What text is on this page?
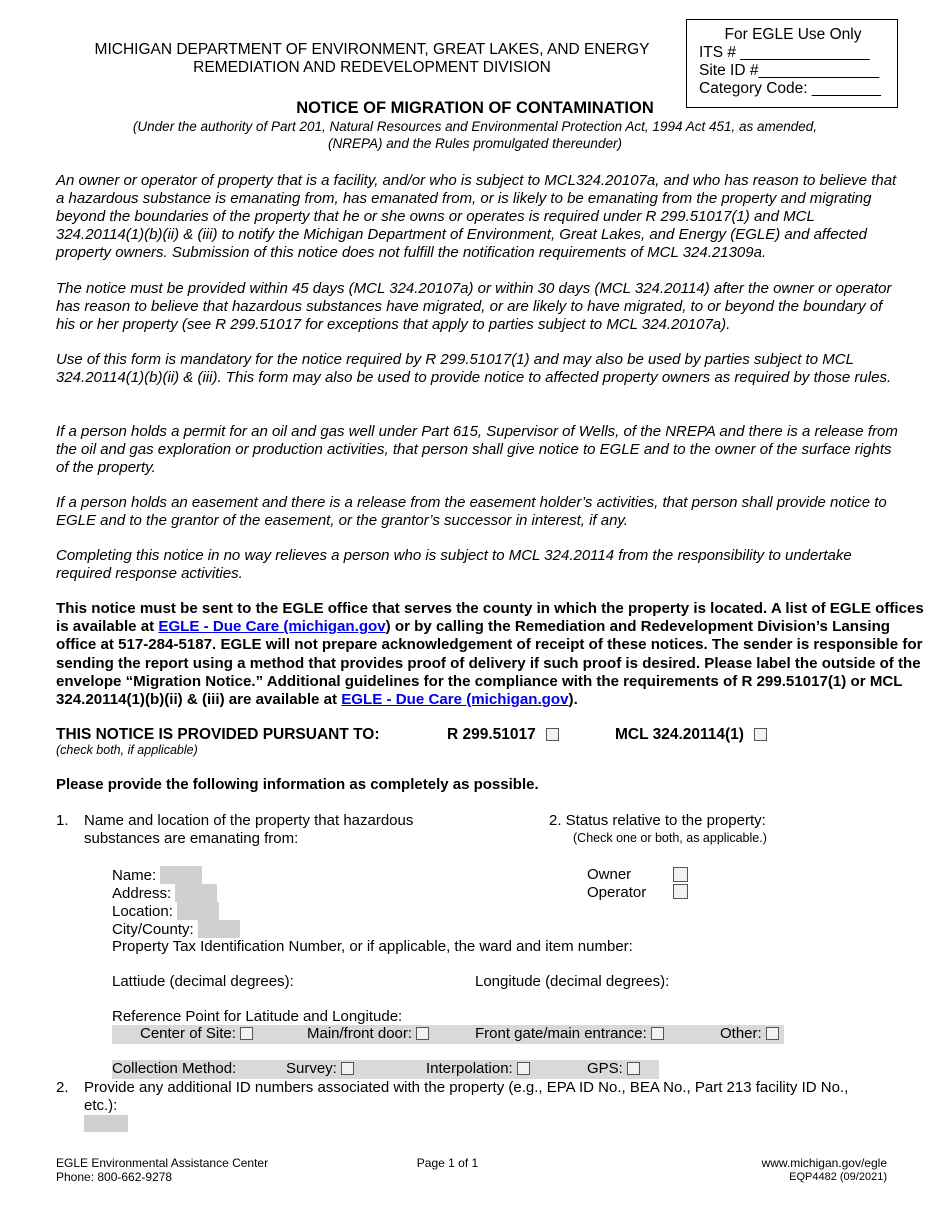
MICHIGAN DEPARTMENT OF ENVIRONMENT, GREAT LAKES, AND ENERGY
REMEDIATION AND REDEVELOPMENT DIVISION
For EGLE Use Only
ITS # _______________
Site ID #______________
Category Code: ________
NOTICE OF MIGRATION OF CONTAMINATION
(Under the authority of Part 201, Natural Resources and Environmental Protection Act, 1994 Act 451, as amended,
(NREPA) and the Rules promulgated thereunder)
An owner or operator of property that is a facility, and/or who is subject to MCL324.20107a, and who has reason to believe that a hazardous substance is emanating from, has emanated from, or is likely to be emanating from the property and migrating beyond the boundaries of the property that he or she owns or operates is required under R 299.51017(1) and MCL 324.20114(1)(b)(ii) & (iii) to notify the Michigan Department of Environment, Great Lakes, and Energy (EGLE) and affected property owners. Submission of this notice does not fulfill the notification requirements of MCL 324.21309a.
The notice must be provided within 45 days (MCL 324.20107a) or within 30 days (MCL 324.20114) after the owner or operator has reason to believe that hazardous substances have migrated, or are likely to have migrated, to or beyond the boundary of his or her property (see R 299.51017 for exceptions that apply to parties subject to MCL 324.20107a).
Use of this form is mandatory for the notice required by R 299.51017(1) and may also be used by parties subject to MCL 324.20114(1)(b)(ii) & (iii). This form may also be used to provide notice to affected property owners as required by those rules.
If a person holds a permit for an oil and gas well under Part 615, Supervisor of Wells, of the NREPA and there is a release from the oil and gas exploration or production activities, that person shall give notice to EGLE and to the owner of the surface rights of the property.
If a person holds an easement and there is a release from the easement holder’s activities, that person shall provide notice to EGLE and to the grantor of the easement, or the grantor’s successor in interest, if any.
Completing this notice in no way relieves a person who is subject to MCL 324.20114 from the responsibility to undertake required response activities.
This notice must be sent to the EGLE office that serves the county in which the property is located. A list of EGLE offices is available at EGLE - Due Care (michigan.gov) or by calling the Remediation and Redevelopment Division’s Lansing office at 517-284-5187. EGLE will not prepare acknowledgement of receipt of these notices. The sender is responsible for sending the report using a method that provides proof of delivery if such proof is desired. Please label the outside of the envelope “Migration Notice.” Additional guidelines for the compliance with the requirements of R 299.51017(1) or MCL 324.20114(1)(b)(ii) & (iii) are available at EGLE - Due Care (michigan.gov).
THIS NOTICE IS PROVIDED PURSUANT TO:
(check both, if applicable)
R 299.51017	MCL 324.20114(1)
Please provide the following information as completely as possible.
1. Name and location of the property that hazardous
substances are emanating from:
2. Status relative to the property:
(Check one or both, as applicable.)
Owner
Operator
Name:
Address:
Location:
City/County:
Property Tax Identification Number, or if applicable, the ward and item number:
Lattiude (decimal degrees):	Longitude (decimal degrees):
Reference Point for Latitude and Longitude:
Center of Site:	Main/front door:	Front gate/main entrance:	Other:
Collection Method:	Survey:	Interpolation:	GPS:
2. Provide any additional ID numbers associated with the property (e.g., EPA ID No., BEA No., Part 213 facility ID No.,
etc.):
EGLE Environmental Assistance Center
Phone: 800-662-9278
Page 1 of 1	www.michigan.gov/egle
EQP4482 (09/2021)
